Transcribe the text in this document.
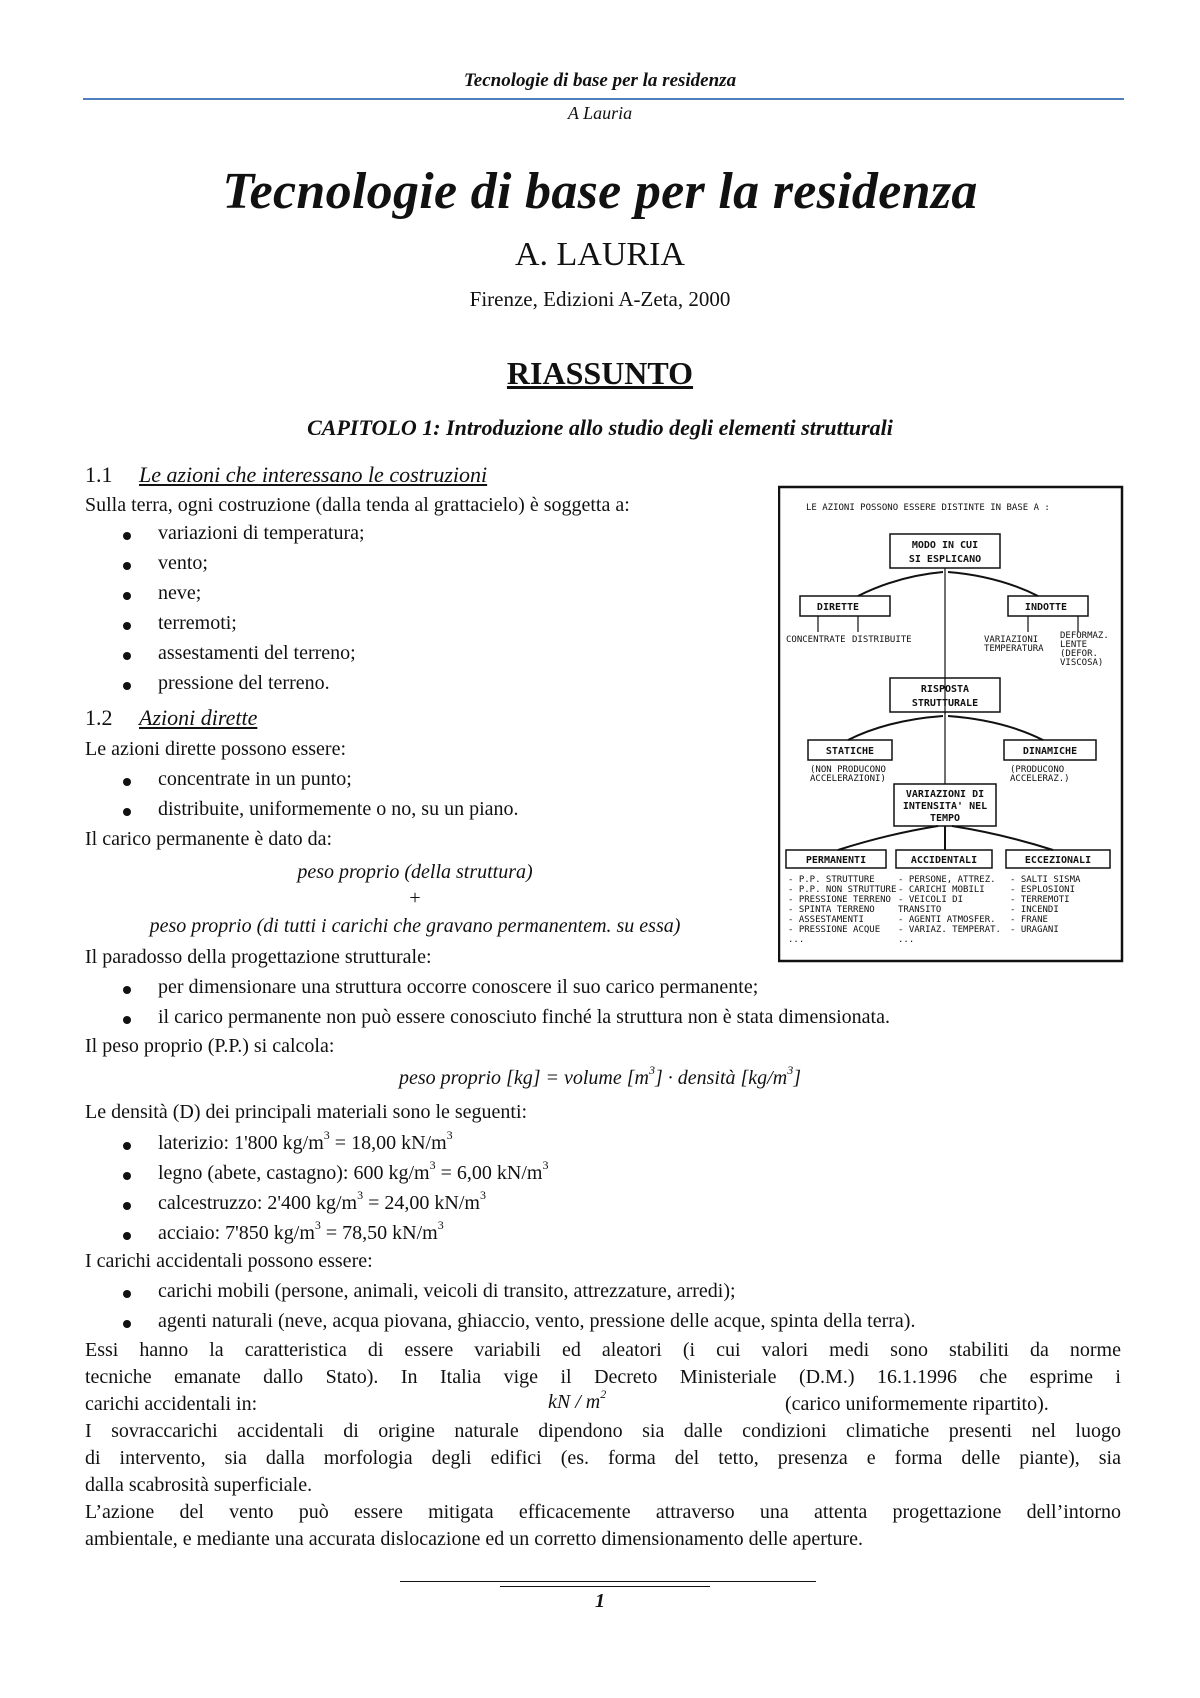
Tecnologie di base per la residenza
A Lauria
Tecnologie di base per la residenza
A. LAURIA
Firenze, Edizioni A-Zeta, 2000
RIASSUNTO
CAPITOLO 1: Introduzione allo studio degli elementi strutturali
1.1 Le azioni che interessano le costruzioni
Sulla terra, ogni costruzione (dalla tenda al grattacielo) è soggetta a:
variazioni di temperatura;
vento;
neve;
terremoti;
assestamenti del terreno;
pressione del terreno.
1.2 Azioni dirette
Le azioni dirette possono essere:
concentrate in un punto;
distribuite, uniformemente o no, su un piano.
Il carico permanente è dato da:
peso proprio (della struttura)
+
peso proprio (di tutti i carichi che gravano permanentem. su essa)
Il paradosso della progettazione strutturale:
per dimensionare una struttura occorre conoscere il suo carico permanente;
il carico permanente non può essere conosciuto finché la struttura non è stata dimensionata.
Il peso proprio (P.P.) si calcola:
peso proprio [kg] = volume $[m^3]$ · densità $[kg/m^3]$
Le densità (D) dei principali materiali sono le seguenti:
laterizio: 1'800 $kg/m^3 = 18,00$ $kN/m^3$
legno (abete, castagno): 600 $kg/m^3 = 6,00$ $kN/m^3$
calcestruzzo: 2'400 $kg/m^3 = 24,00$ $kN/m^3$
acciaio: 7'850 $kg/m^3 = 78,50$ $kN/m^3$
I carichi accidentali possono essere:
carichi mobili (persone, animali, veicoli di transito, attrezzature, arredi);
agenti naturali (neve, acqua piovana, ghiaccio, vento, pressione delle acque, spinta della terra).
Essi hanno la caratteristica di essere variabili ed aleatori (i cui valori medi sono stabiliti da norme
tecniche emanate dallo Stato). In Italia vige il Decreto Ministeriale (D.M.) 16.1.1996 che esprime i
carichi accidentali in:	kN / $m^2$	(carico uniformemente ripartito).
I sovraccarichi accidentali di origine naturale dipendono sia dalle condizioni climatiche presenti nel luogo
di intervento, sia dalla morfologia degli edifici (es. forma del tetto, presenza e forma delle piante), sia
dalla scabrosità superficiale.
L’azione del vento può essere mitigata efficacemente attraverso una attenta progettazione dell’intorno
ambientale, e mediante una accurata dislocazione ed un corretto dimensionamento delle aperture.
LE AZIONI POSSONO ESSERE DISTINTE IN BASE A :
MODO IN CUI
SI ESPLICANO
DIRETTE	INDOTTE
CONCENTRATE DISTRIBUITE	VARIAZIONI
TEMPERATURA
DEFORMAZ.
LENTE
(DEFOR.
VISCOSA)
RISPOSTA
STRUTTURALE
STATICHE	DINAMICHE
(NON PRODUCONO
ACCELERAZIONI)
(PRODUCONO
ACCELERAZ.)
VARIAZIONI DI
INTENSITA' NEL
TEMPO
PERMANENTI	ACCIDENTALI	ECCEZIONALI
- P.P. STRUTTURE
- P.P. NON STRUTTURE
- PRESSIONE TERRENO
- SPINTA TERRENO
- ASSESTAMENTI
- PRESSIONE ACQUE
...
- PERSONE, ATTREZ.
- CARICHI MOBILI
- VEICOLI DI
TRANSITO
- AGENTI ATMOSFER.
- VARIAZ. TEMPERAT.
...
- SALTI SISMA
- ESPLOSIONI
- TERREMOTI
- INCENDI
- FRANE
- URAGANI
1
